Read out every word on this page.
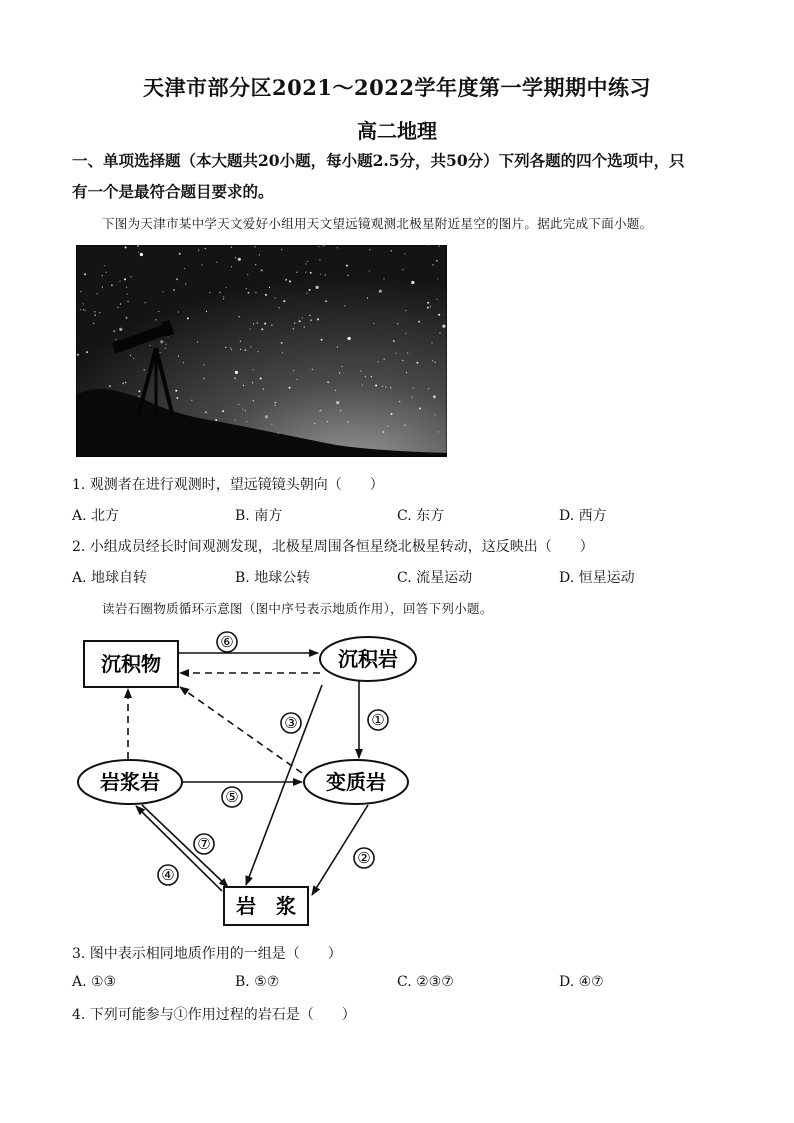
天津市部分区2021～2022学年度第一学期期中练习
高二地理
一、单项选择题（本大题共20小题，每小题2.5分，共50分）下列各题的四个选项中，只
有一个是最符合题目要求的。
下图为天津市某中学天文爱好小组用天文望远镜观测北极星附近星空的图片。据此完成下面小题。
1. 观测者在进行观测时，望远镜镜头朝向（　　）
A. 北方	B. 南方	C. 东方	D. 西方
2. 小组成员经长时间观测发现，北极星周围各恒星绕北极星转动，这反映出（　　）
A. 地球自转	B. 地球公转	C. 流星运动	D. 恒星运动
读岩石圈物质循环示意图（图中序号表示地质作用），回答下列小题。
沉积物	沉积岩
岩浆岩	变质岩
岩　浆
⑥
①
③
⑤
⑦
④
②
3. 图中表示相同地质作用的一组是（　　）
A. ①③	B. ⑤⑦	C. ②③⑦	D. ④⑦
4. 下列可能参与①作用过程的岩石是（　　）
